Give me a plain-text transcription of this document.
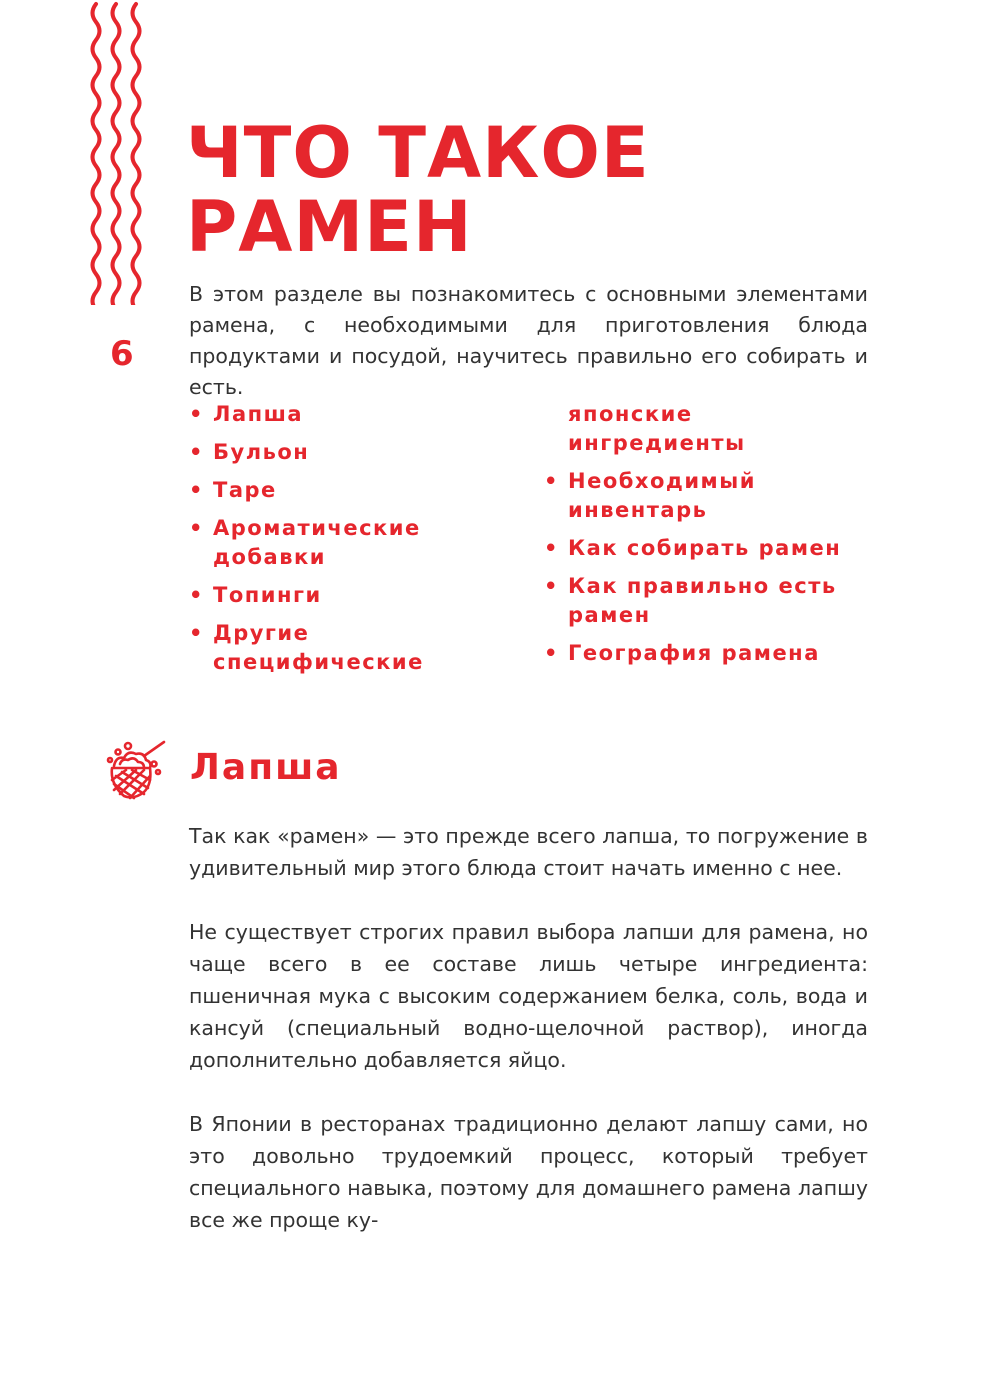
6

ЧТО ТАКОЕ
РАМЕН

В этом разделе вы познакомитесь с основными элементами рамена, с необходимыми для приготовления блюда продуктами и посудой, научитесь правильно его собирать и есть.

• Лапша
• Бульон
• Таре
• Ароматические добавки
• Топинги
• Другие специфические
японские ингредиенты
• Необходимый инвентарь
• Как собирать рамен
• Как правильно есть рамен
• География рамена
Лапша

Так как «рамен» — это прежде всего лапша, то погружение в удивительный мир этого блюда стоит начать именно с нее.

Не существует строгих правил выбора лапши для рамена, но чаще всего в ее составе лишь четыре ингредиента: пшеничная мука с высоким содержанием белка, соль, вода и кансуй (специальный водно-щелочной раствор), иногда дополнительно добавляется яйцо.

В Японии в ресторанах традиционно делают лапшу сами, но это довольно трудоемкий процесс, который требует специального навыка, поэтому для домашнего рамена лапшу все же проще ку-
